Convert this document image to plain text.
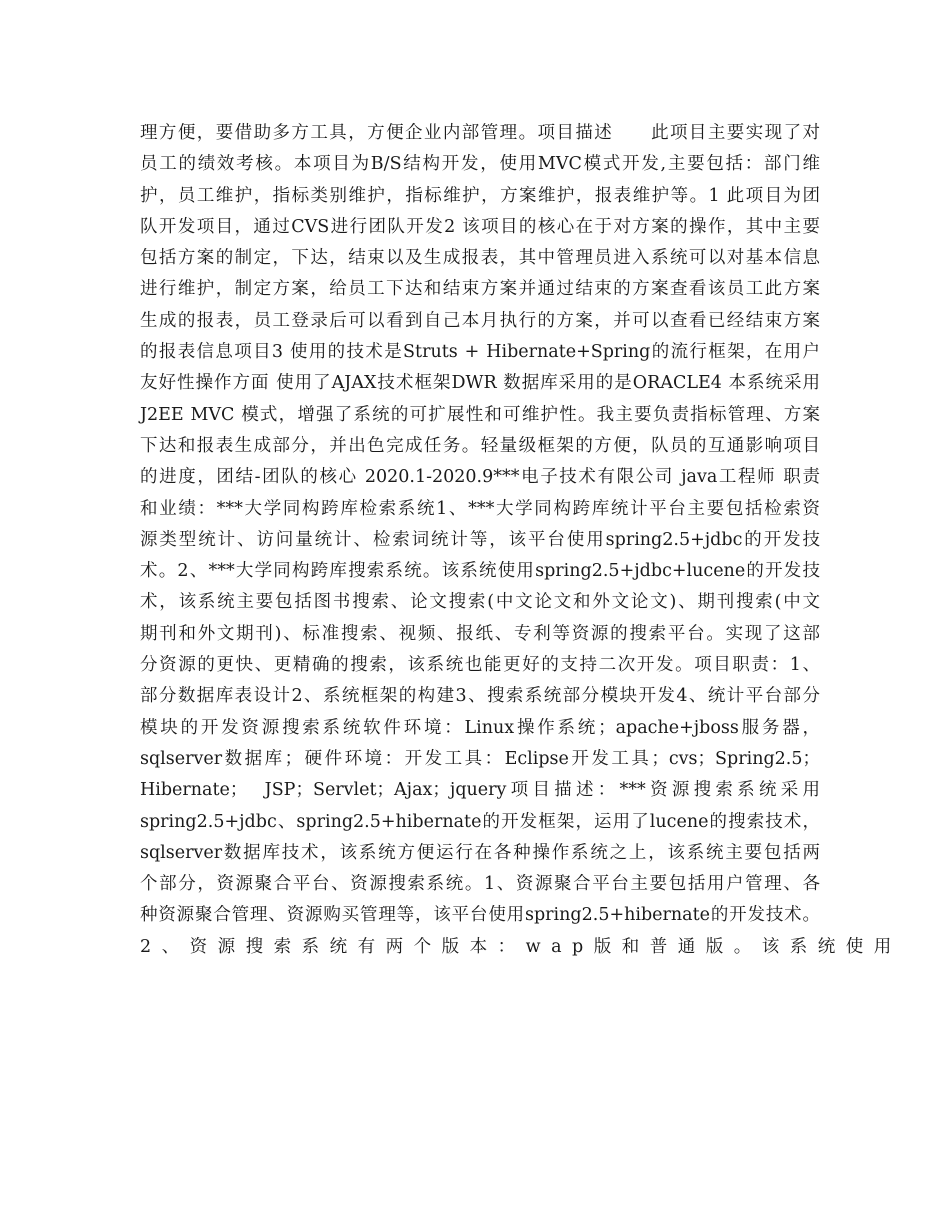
理方便，要借助多方工具，方便企业内部管理。项目描述　　此项目主要实现了对
员工的绩效考核。本项目为B/S结构开发，使用MVC模式开发,主要包括：部门维
护，员工维护，指标类别维护，指标维护，方案维护，报表维护等。1 此项目为团
队开发项目，通过CVS进行团队开发2 该项目的核心在于对方案的操作，其中主要
包括方案的制定，下达，结束以及生成报表，其中管理员进入系统可以对基本信息
进行维护，制定方案，给员工下达和结束方案并通过结束的方案查看该员工此方案
生成的报表，员工登录后可以看到自己本月执行的方案，并可以查看已经结束方案
的报表信息项目3 使用的技术是Struts + Hibernate+Spring的流行框架，在用户
友好性操作方面 使用了AJAX技术框架DWR 数据库采用的是ORACLE4 本系统采用
J2EE MVC 模式，增强了系统的可扩展性和可维护性。我主要负责指标管理、方案
下达和报表生成部分，并出色完成任务。轻量级框架的方便，队员的互通影响项目
的进度，团结-团队的核心 2020.1-2020.9***电子技术有限公司 java工程师 职责
和业绩：***大学同构跨库检索系统1、***大学同构跨库统计平台主要包括检索资
源类型统计、访问量统计、检索词统计等，该平台使用spring2.5+jdbc的开发技
术。2、***大学同构跨库搜索系统。该系统使用spring2.5+jdbc+lucene的开发技
术，该系统主要包括图书搜索、论文搜索(中文论文和外文论文)、期刊搜索(中文
期刊和外文期刊)、标准搜索、视频、报纸、专利等资源的搜索平台。实现了这部
分资源的更快、更精确的搜索，该系统也能更好的支持二次开发。项目职责：1、
部分数据库表设计2、系统框架的构建3、搜索系统部分模块开发4、统计平台部分
模块的开发资源搜索系统软件环境：Linux操作系统；apache+jboss服务器，
sqlserver数据库；硬件环境：开发工具：Eclipse开发工具；cvs；Spring2.5；
Hibernate；　JSP；Servlet；Ajax；jquery项目描述：***资源搜索系统采用
spring2.5+jdbc、spring2.5+hibernate的开发框架，运用了lucene的搜索技术，
sqlserver数据库技术，该系统方便运行在各种操作系统之上，该系统主要包括两
个部分，资源聚合平台、资源搜索系统。1、资源聚合平台主要包括用户管理、各
种资源聚合管理、资源购买管理等，该平台使用spring2.5+hibernate的开发技术。
2、资源搜索系统有两个版本：wap版和普通版。该系统使用
